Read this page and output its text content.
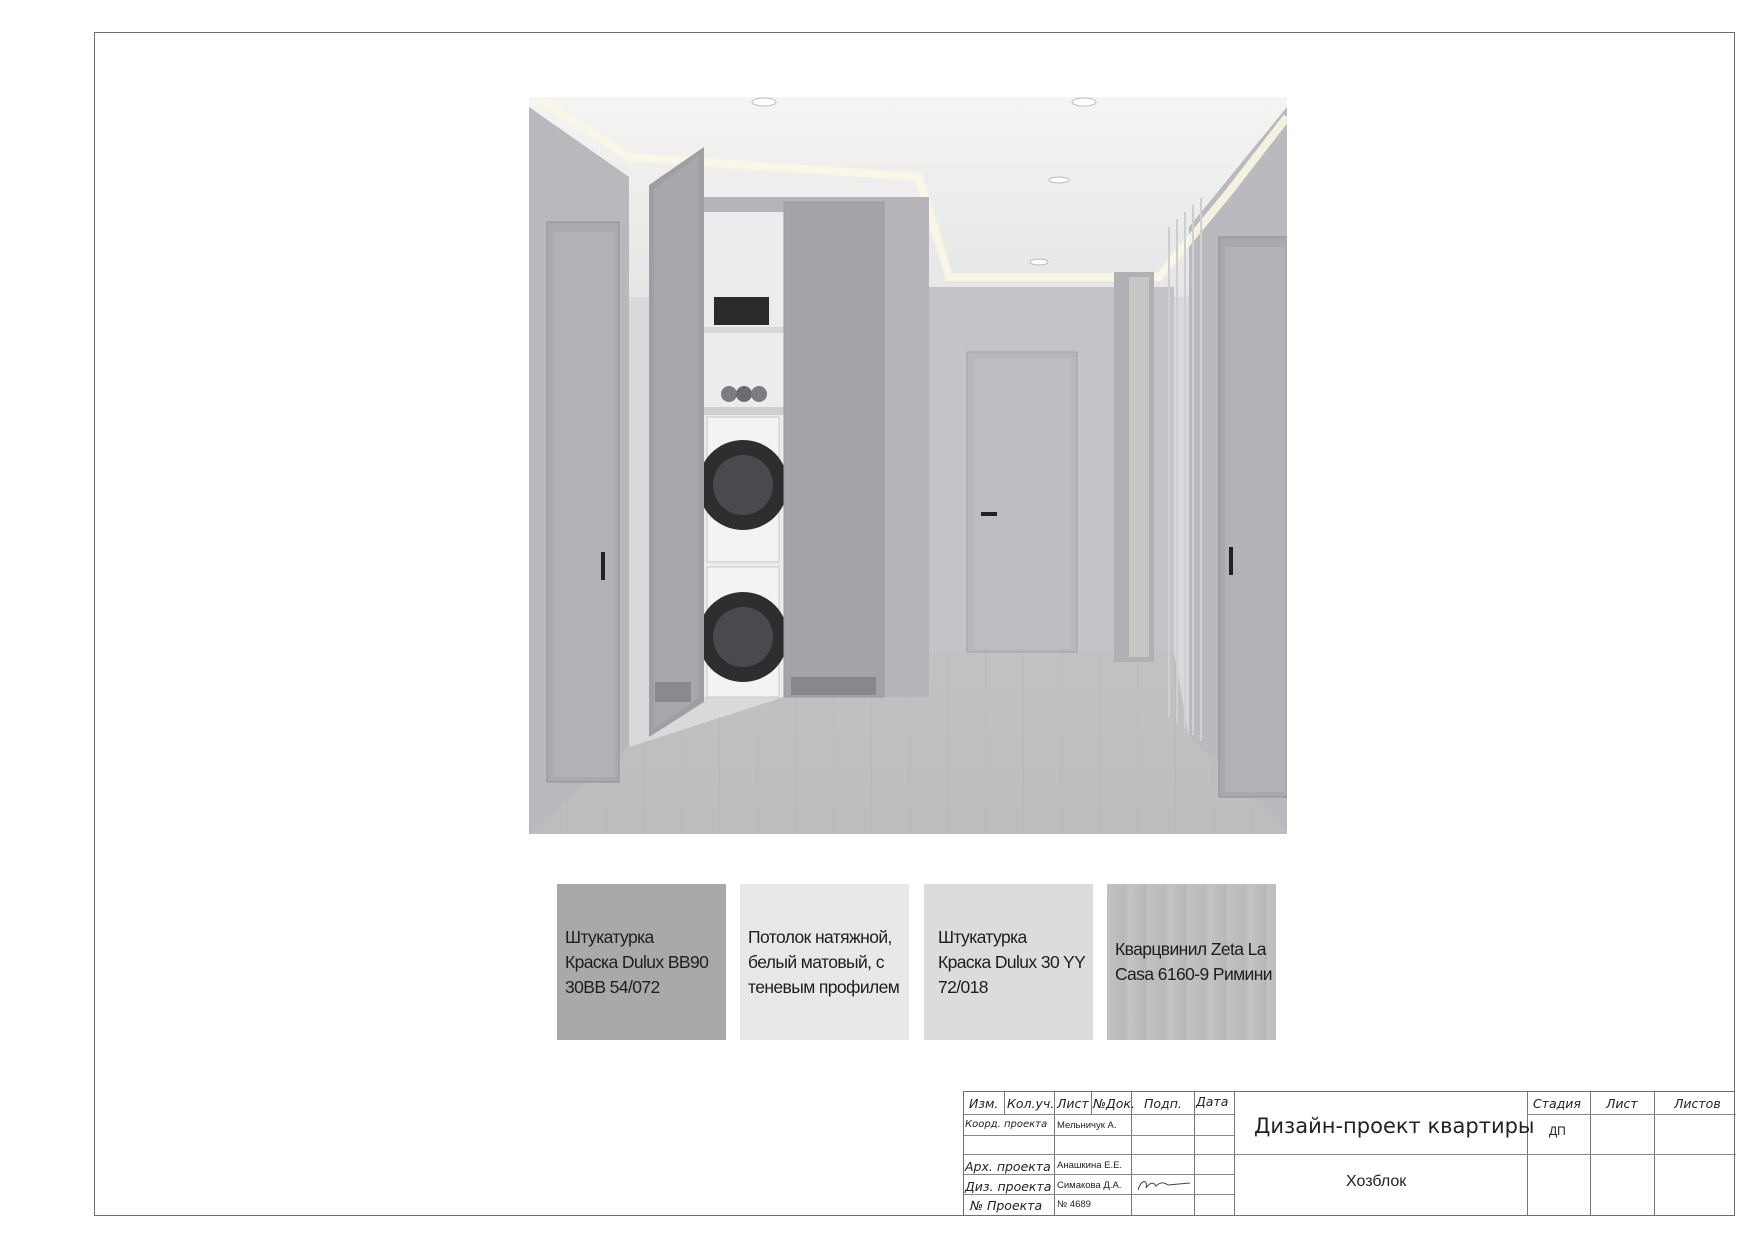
Штукатурка
Краска Dulux BB90
30BB 54/072
Потолок натяжной,
белый матовый, с
теневым профилем
Штукатурка
Краска Dulux 30 YY
72/018
Кварцвинил Zeta La
Casa 6160-9 Римини
Изм. Кол.уч. Лист №Док. Подп. Дата
Коорд. проекта Мельничук А.
Арх. проекта Анашкина Е.Е.
Диз. проекта Симакова Д.А.
№ Проекта № 4689
Дизайн-проект квартиры
Хозблок
Стадия Лист	Листов
ДП
